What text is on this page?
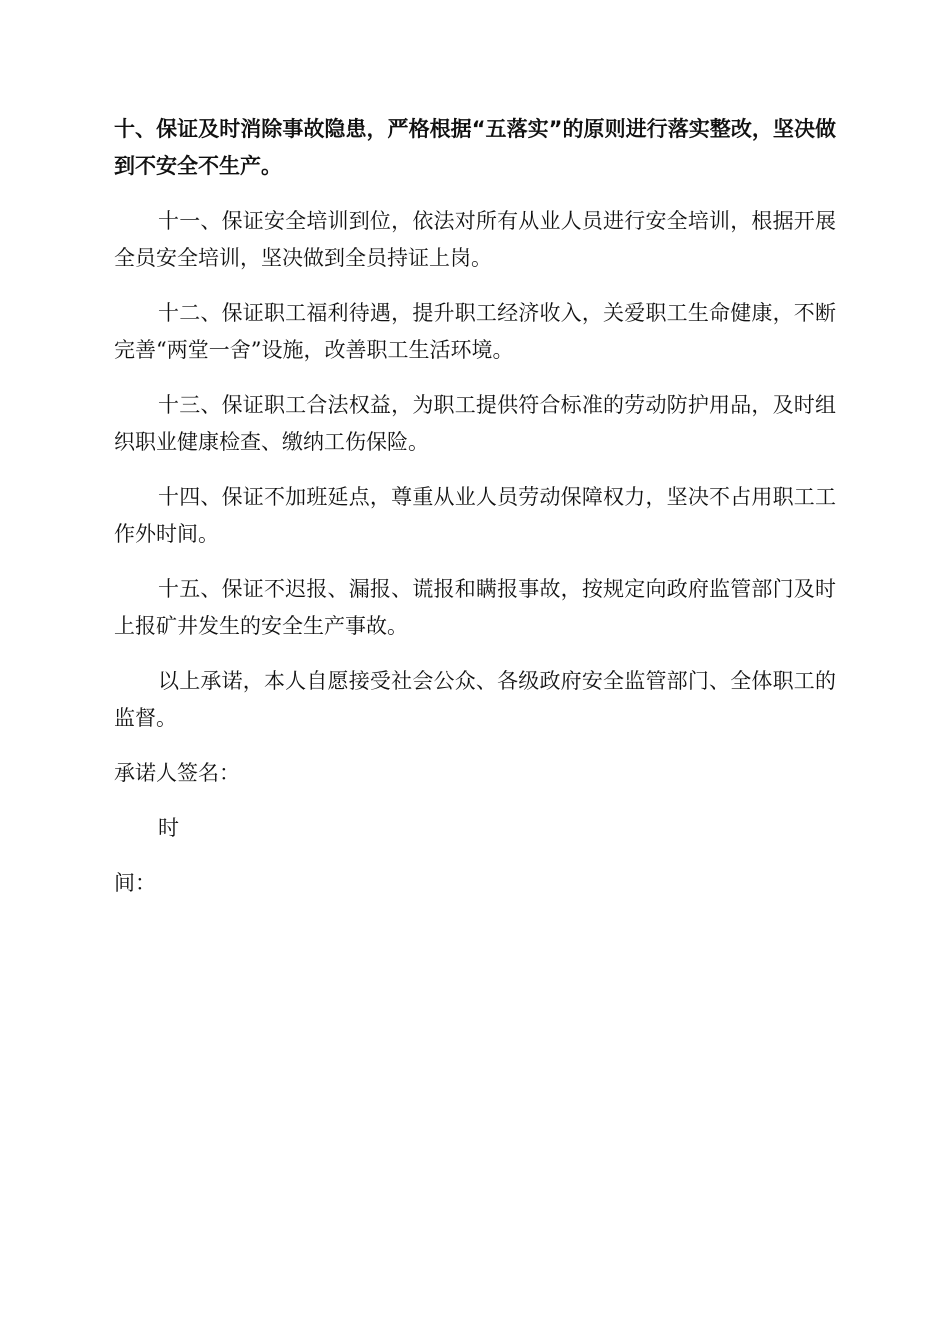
十、保证及时消除事故隐患，严格根据“五落实”的原则进行落实整改，坚决做到不安全不生产。

十一、保证安全培训到位，依法对所有从业人员进行安全培训，根据开展全员安全培训，坚决做到全员持证上岗。

十二、保证职工福利待遇，提升职工经济收入，关爱职工生命健康，不断完善“两堂一舍”设施，改善职工生活环境。

十三、保证职工合法权益，为职工提供符合标准的劳动防护用品，及时组织职业健康检查、缴纳工伤保险。

十四、保证不加班延点，尊重从业人员劳动保障权力，坚决不占用职工工作外时间。

十五、保证不迟报、漏报、谎报和瞒报事故，按规定向政府监管部门及时上报矿井发生的安全生产事故。

以上承诺，本人自愿接受社会公众、各级政府安全监管部门、全体职工的监督。

承诺人签名：

时

间：
